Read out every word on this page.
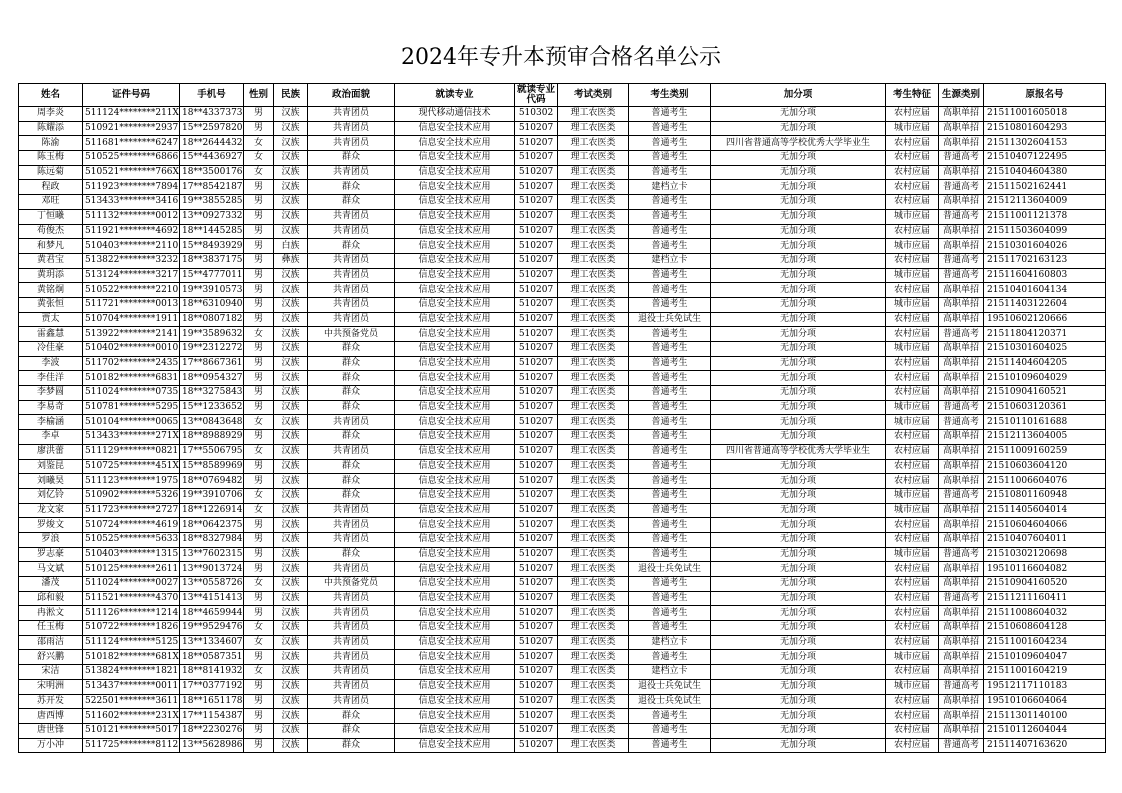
2024年专升本预审合格名单公示
姓名	证件号码	手机号	性别	民族	政治面貌	就读专业	就读专业代码	考试类别	考生类别	加分项	考生特征	生源类别	原报名号
周李炎	511124********211X	18**4337373	男	汉族	共青团员	现代移动通信技术	510302	理工农医类	普通考生	无加分项	农村应届	高职单招	21511001605018
陈耀添	510921********2937	15**2597820	男	汉族	共青团员	信息安全技术应用	510207	理工农医类	普通考生	无加分项	城市应届	高职单招	21510801604293
陈渝	511681********6247	18**2644432	女	汉族	共青团员	信息安全技术应用	510207	理工农医类	普通考生	四川省普通高等学校优秀大学毕业生	农村应届	高职单招	21511302604153
陈玉梅	510525********6866	15**4436927	女	汉族	群众	信息安全技术应用	510207	理工农医类	普通考生	无加分项	农村应届	普通高考	21510407122495
陈远菊	510521********766X	18**3500176	女	汉族	共青团员	信息安全技术应用	510207	理工农医类	普通考生	无加分项	农村应届	高职单招	21510404604380
程政	511923********7894	17**8542187	男	汉族	群众	信息安全技术应用	510207	理工农医类	建档立卡	无加分项	农村应届	普通高考	21511502162441
邓旺	513433********3416	19**3855285	男	汉族	群众	信息安全技术应用	510207	理工农医类	普通考生	无加分项	农村应届	高职单招	21512113604009
丁恒曦	511132********0012	13**0927332	男	汉族	共青团员	信息安全技术应用	510207	理工农医类	普通考生	无加分项	城市应届	普通高考	21511001121378
苟俊杰	511921********4692	18**1445285	男	汉族	共青团员	信息安全技术应用	510207	理工农医类	普通考生	无加分项	农村应届	高职单招	21511503604099
和梦凡	510403********2110	15**8493929	男	白族	群众	信息安全技术应用	510207	理工农医类	普通考生	无加分项	城市应届	高职单招	21510301604026
黄君宝	513822********3232	18**3837175	男	彝族	共青团员	信息安全技术应用	510207	理工农医类	建档立卡	无加分项	农村应届	普通高考	21511702163123
黄玥添	513124********3217	15**4777011	男	汉族	共青团员	信息安全技术应用	510207	理工农医类	普通考生	无加分项	城市应届	普通高考	21511604160803
黄铭炯	510522********2210	19**3910573	男	汉族	共青团员	信息安全技术应用	510207	理工农医类	普通考生	无加分项	农村应届	高职单招	21510401604134
黄张恒	511721********0013	18**6310940	男	汉族	共青团员	信息安全技术应用	510207	理工农医类	普通考生	无加分项	城市应届	高职单招	21511403122604
贾太	510704********1911	18**0807182	男	汉族	共青团员	信息安全技术应用	510207	理工农医类	退役士兵免试生	无加分项	农村应届	高职单招	19510602120666
雷鑫慧	513922********2141	19**3589632	女	汉族	中共预备党员	信息安全技术应用	510207	理工农医类	普通考生	无加分项	农村应届	普通高考	21511804120371
冷佳豪	510402********0010	19**2312272	男	汉族	群众	信息安全技术应用	510207	理工农医类	普通考生	无加分项	城市应届	高职单招	21510301604025
李波	511702********2435	17**8667361	男	汉族	群众	信息安全技术应用	510207	理工农医类	普通考生	无加分项	农村应届	高职单招	21511404604205
李佳洋	510182********6831	18**0954327	男	汉族	群众	信息安全技术应用	510207	理工农医类	普通考生	无加分项	农村应届	高职单招	21510109604029
李梦圆	511024********0735	18**3275843	男	汉族	群众	信息安全技术应用	510207	理工农医类	普通考生	无加分项	农村应届	高职单招	21510904160521
李易奇	510781********5295	15**1233652	男	汉族	群众	信息安全技术应用	510207	理工农医类	普通考生	无加分项	城市应届	普通高考	21510603120361
李榆涵	510104********0065	13**0843648	女	汉族	共青团员	信息安全技术应用	510207	理工农医类	普通考生	无加分项	城市应届	普通高考	21510110161688
李卓	513433********271X	18**8988929	男	汉族	群众	信息安全技术应用	510207	理工农医类	普通考生	无加分项	农村应届	高职单招	21512113604005
廖洪蕾	511129********0821	17**5506795	女	汉族	共青团员	信息安全技术应用	510207	理工农医类	普通考生	四川省普通高等学校优秀大学毕业生	农村应届	高职单招	21511009160259
刘鉴昆	510725********451X	15**8589969	男	汉族	群众	信息安全技术应用	510207	理工农医类	普通考生	无加分项	农村应届	高职单招	21510603604120
刘曦昊	511123********1975	18**0769482	男	汉族	群众	信息安全技术应用	510207	理工农医类	普通考生	无加分项	农村应届	高职单招	21511006604076
刘亿铃	510902********5326	19**3910706	女	汉族	群众	信息安全技术应用	510207	理工农医类	普通考生	无加分项	城市应届	普通高考	21510801160948
龙文家	511723********2727	18**1226914	女	汉族	共青团员	信息安全技术应用	510207	理工农医类	普通考生	无加分项	城市应届	高职单招	21511405604014
罗焌文	510724********4619	18**0642375	男	汉族	共青团员	信息安全技术应用	510207	理工农医类	普通考生	无加分项	农村应届	高职单招	21510604604066
罗浪	510525********5633	18**8327984	男	汉族	共青团员	信息安全技术应用	510207	理工农医类	普通考生	无加分项	农村应届	高职单招	21510407604011
罗志豪	510403********1315	13**7602315	男	汉族	群众	信息安全技术应用	510207	理工农医类	普通考生	无加分项	城市应届	普通高考	21510302120698
马文斌	510125********2611	13**9013724	男	汉族	共青团员	信息安全技术应用	510207	理工农医类	退役士兵免试生	无加分项	农村应届	高职单招	19510116604082
潘茂	511024********0027	13**0558726	女	汉族	中共预备党员	信息安全技术应用	510207	理工农医类	普通考生	无加分项	农村应届	高职单招	21510904160520
邱和毅	511521********4370	13**4151413	男	汉族	共青团员	信息安全技术应用	510207	理工农医类	普通考生	无加分项	农村应届	普通高考	21511211160411
冉淞文	511126********1214	18**4659944	男	汉族	共青团员	信息安全技术应用	510207	理工农医类	普通考生	无加分项	农村应届	高职单招	21511008604032
任玉梅	510722********1826	19**9529476	女	汉族	共青团员	信息安全技术应用	510207	理工农医类	普通考生	无加分项	农村应届	高职单招	21510608604128
邵雨洁	511124********5125	13**1334607	女	汉族	共青团员	信息安全技术应用	510207	理工农医类	建档立卡	无加分项	农村应届	高职单招	21511001604234
舒兴鹏	510182********681X	18**0587351	男	汉族	共青团员	信息安全技术应用	510207	理工农医类	普通考生	无加分项	城市应届	高职单招	21510109604047
宋洁	513824********1821	18**8141932	女	汉族	共青团员	信息安全技术应用	510207	理工农医类	建档立卡	无加分项	农村应届	高职单招	21511001604219
宋明洲	513437********0011	17**0377192	男	汉族	共青团员	信息安全技术应用	510207	理工农医类	退役士兵免试生	无加分项	城市应届	普通高考	19512117110183
苏开发	522501********3611	18**1651178	男	汉族	共青团员	信息安全技术应用	510207	理工农医类	退役士兵免试生	无加分项	农村应届	高职单招	19510106604064
唐西博	511602********231X	17**1154387	男	汉族	群众	信息安全技术应用	510207	理工农医类	普通考生	无加分项	农村应届	高职单招	21511301140100
唐世锋	510121********5017	18**2230276	男	汉族	群众	信息安全技术应用	510207	理工农医类	普通考生	无加分项	农村应届	高职单招	21510112604044
万小冲	511725********8112	13**5628986	男	汉族	群众	信息安全技术应用	510207	理工农医类	普通考生	无加分项	农村应届	普通高考	21511407163620
